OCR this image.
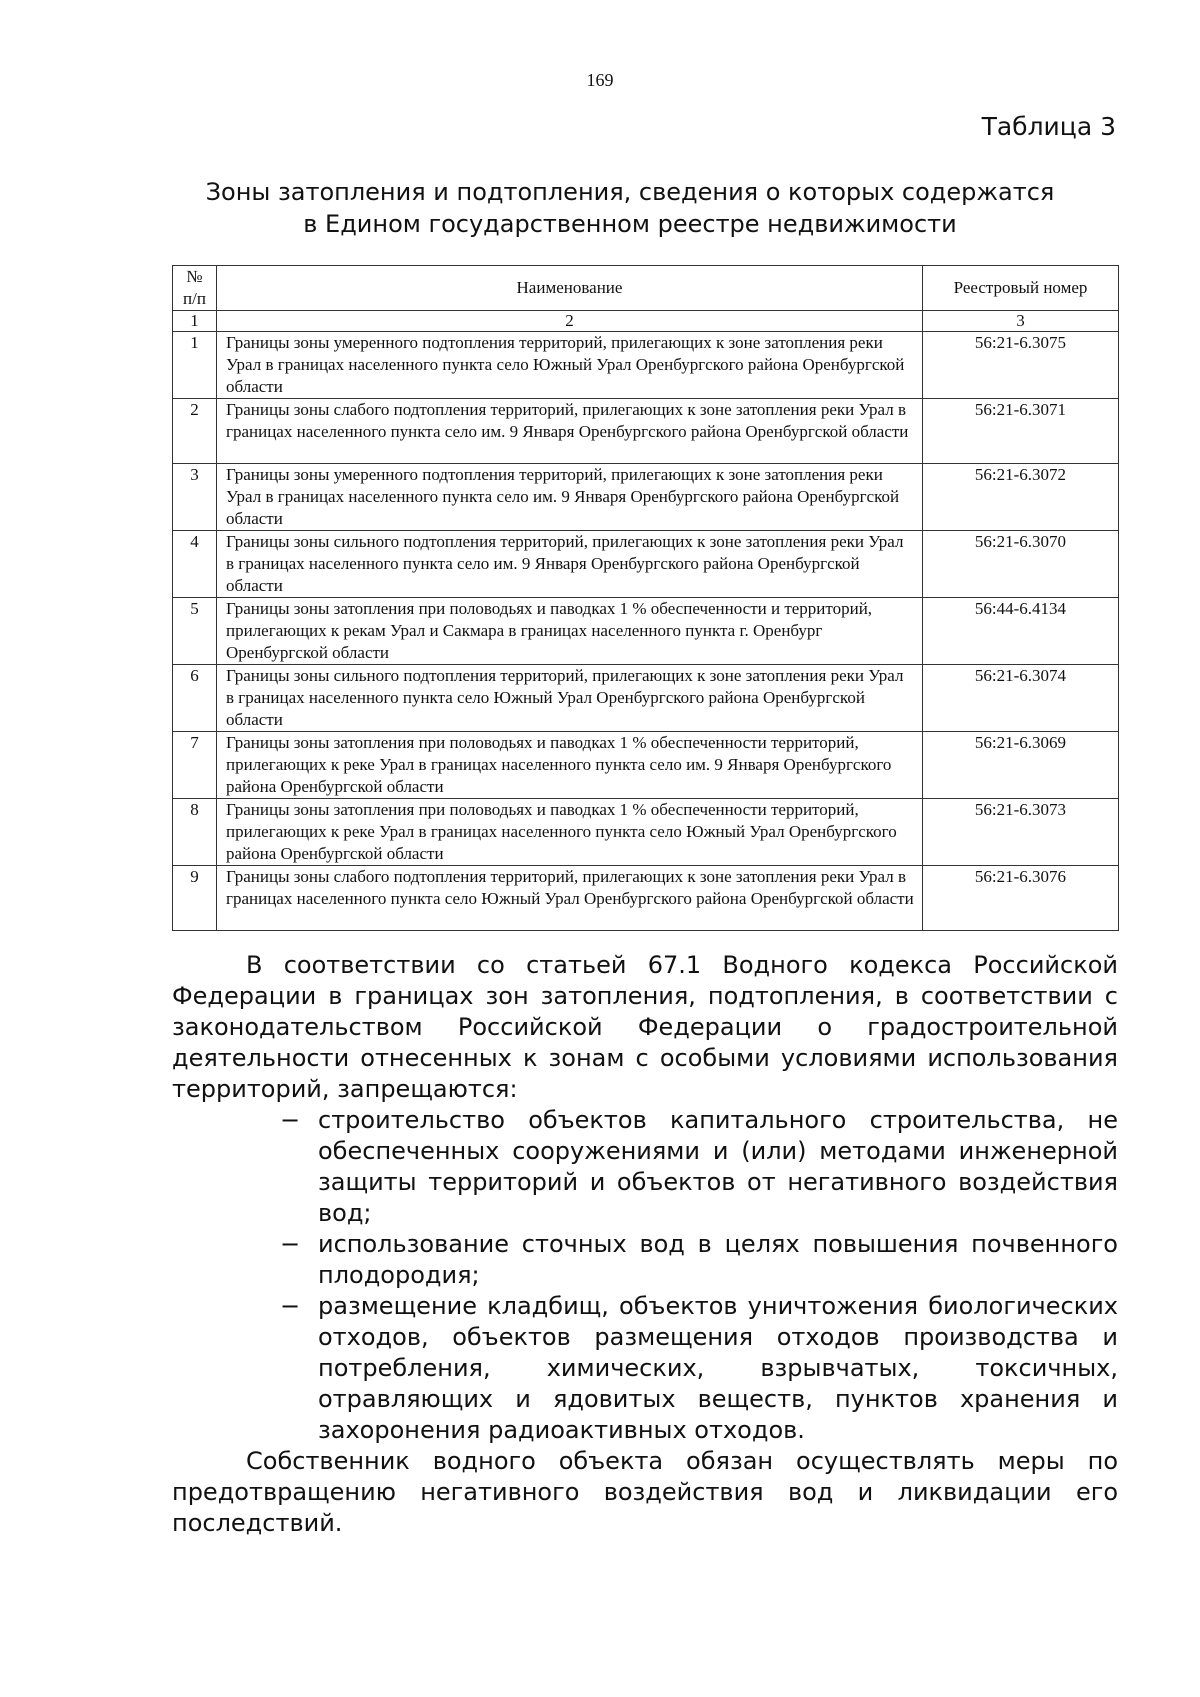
169
Таблица 3
Зоны затопления и подтопления, сведения о которых содержатся
в Едином государственном реестре недвижимости
№ п/п	Наименование	Реестровый номер
1	2	3
1	Границы зоны умеренного подтопления территорий, прилегающих к зоне затопления реки Урал в границах населенного пункта село Южный Урал Оренбургского района Оренбургской области	56:21-6.3075
2	Границы зоны слабого подтопления территорий, прилегающих к зоне затопления реки Урал в границах населенного пункта село им. 9 Января Оренбургского района Оренбургской области	56:21-6.3071
3	Границы зоны умеренного подтопления территорий, прилегающих к зоне затопления реки Урал в границах населенного пункта село им. 9 Января Оренбургского района Оренбургской области	56:21-6.3072
4	Границы зоны сильного подтопления территорий, прилегающих к зоне затопления реки Урал в границах населенного пункта село им. 9 Января Оренбургского района Оренбургской области	56:21-6.3070
5	Границы зоны затопления при половодьях и паводках 1 % обеспеченности и территорий, прилегающих к рекам Урал и Сакмара в границах населенного пункта г. Оренбург Оренбургской области	56:44-6.4134
6	Границы зоны сильного подтопления территорий, прилегающих к зоне затопления реки Урал в границах населенного пункта село Южный Урал Оренбургского района Оренбургской области	56:21-6.3074
7	Границы зоны затопления при половодьях и паводках 1 % обеспеченности территорий, прилегающих к реке Урал в границах населенного пункта село им. 9 Января Оренбургского района Оренбургской области	56:21-6.3069
8	Границы зоны затопления при половодьях и паводках 1 % обеспеченности территорий, прилегающих к реке Урал в границах населенного пункта село Южный Урал Оренбургского района Оренбургской области	56:21-6.3073
9	Границы зоны слабого подтопления территорий, прилегающих к зоне затопления реки Урал в границах населенного пункта село Южный Урал Оренбургского района Оренбургской области	56:21-6.3076

В соответствии со статьей 67.1 Водного кодекса Российской Федерации в границах зон затопления, подтопления, в соответствии с законодательством Российской Федерации о градостроительной деятельности отнесенных к зонам с особыми условиями использования территорий, запрещаются:

− строительство объектов капитального строительства, не обеспеченных сооружениями и (или) методами инженерной защиты территорий и объектов от негативного воздействия вод;
− использование сточных вод в целях повышения почвенного плодородия;
− размещение кладбищ, объектов уничтожения биологических отходов, объектов размещения отходов производства и потребления, химических, взрывчатых, токсичных, отравляющих и ядовитых веществ, пунктов хранения и захоронения радиоактивных отходов.

Собственник водного объекта обязан осуществлять меры по предотвращению негативного воздействия вод и ликвидации его последствий.
